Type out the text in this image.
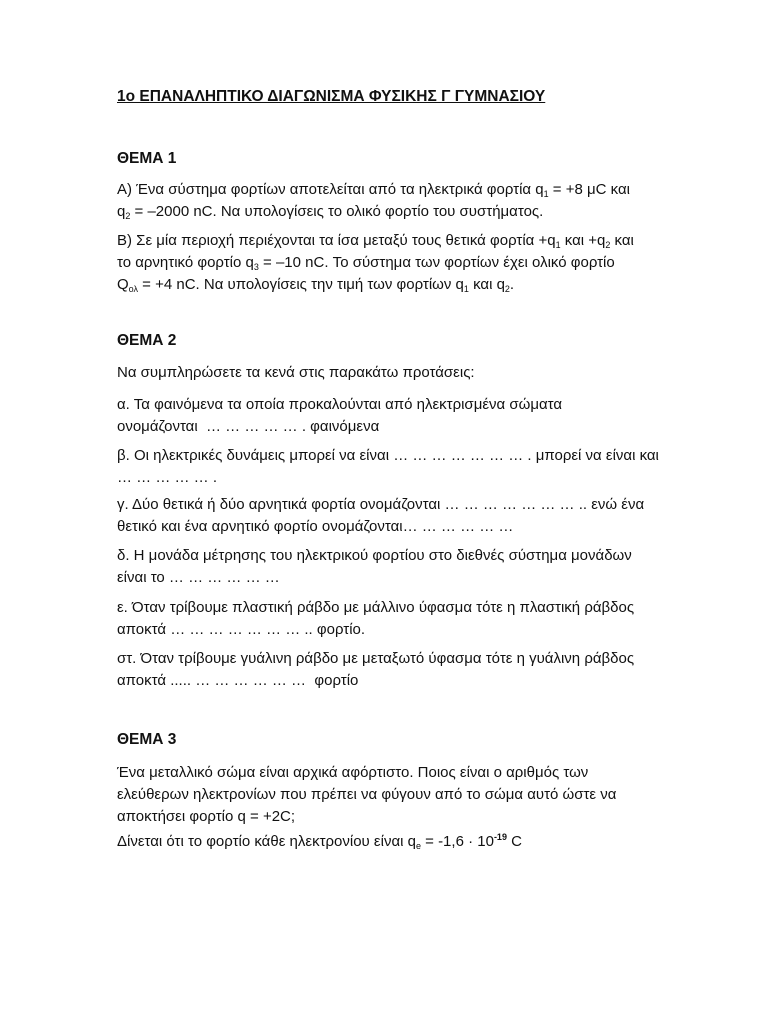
1ο ΕΠΑΝΑΛΗΠΤΙΚΟ ΔΙΑΓΩΝΙΣΜΑ ΦΥΣΙΚΗΣ Γ ΓΥΜΝΑΣΙΟΥ
ΘΕΜΑ 1

Α) Ένα σύστημα φορτίων αποτελείται από τα ηλεκτρικά φορτία $q_1 = +8$ μC και
$q_2 = -2000$ nC. Να υπολογίσεις το ολικό φορτίο του συστήματος.

Β) Σε μία περιοχή περιέχονται τα ίσα μεταξύ τους θετικά $\varphi o\rho\tau ί\alpha +q_1$ $\kappa\alpha\iota +q_2$ και
το αρνητικό φορτίο $q_3 = -10$ nC. Το σύστημα των φορτίων έχει ολικό φορτίο
$Q_{o\lambda} = +4$ nC. Να υπολογίσεις την τιμή των φορτίων $q_1$ και $q_2$.

ΘΕΜΑ 2

Να συμπληρώσετε τα κενά στις παρακάτω προτάσεις:

α. Τα φαινόμενα τα οποία προκαλούνται από ηλεκτρισμένα σώματα
ονομάζονται  … … … … … . φαινόμενα

β. Οι ηλεκτρικές δυνάμεις μπορεί να είναι … … … … … … … . μπορεί να είναι και
… … … … … .

γ. Δύο θετικά ή δύο αρνητικά φορτία ονομάζονται … … … … … … … .. ενώ ένα
θετικό και ένα αρνητικό φορτίο ονομάζονται… … … … … …

δ. Η μονάδα μέτρησης του ηλεκτρικού φορτίου στο διεθνές σύστημα μονάδων
είναι το … … … … … …

ε. Όταν τρίβουμε πλαστική ράβδο με μάλλινο ύφασμα τότε η πλαστική ράβδος
αποκτά … … … … … … … .. φορτίο.

στ. Όταν τρίβουμε γυάλινη ράβδο με μεταξωτό ύφασμα τότε η γυάλινη ράβδος
αποκτά ..... … … … … … …  φορτίο

ΘΕΜΑ 3

Ένα μεταλλικό σώμα είναι αρχικά αφόρτιστο. Ποιος είναι ο αριθμός των
ελεύθερων ηλεκτρονίων που πρέπει να φύγουν από το σώμα αυτό ώστε να
αποκτήσει φορτίο q = +2C;

Δίνεται ότι το φορτίο κάθε ηλεκτρονίου είναι $q_e = -1,6 \cdot 10^{-19}$ C
